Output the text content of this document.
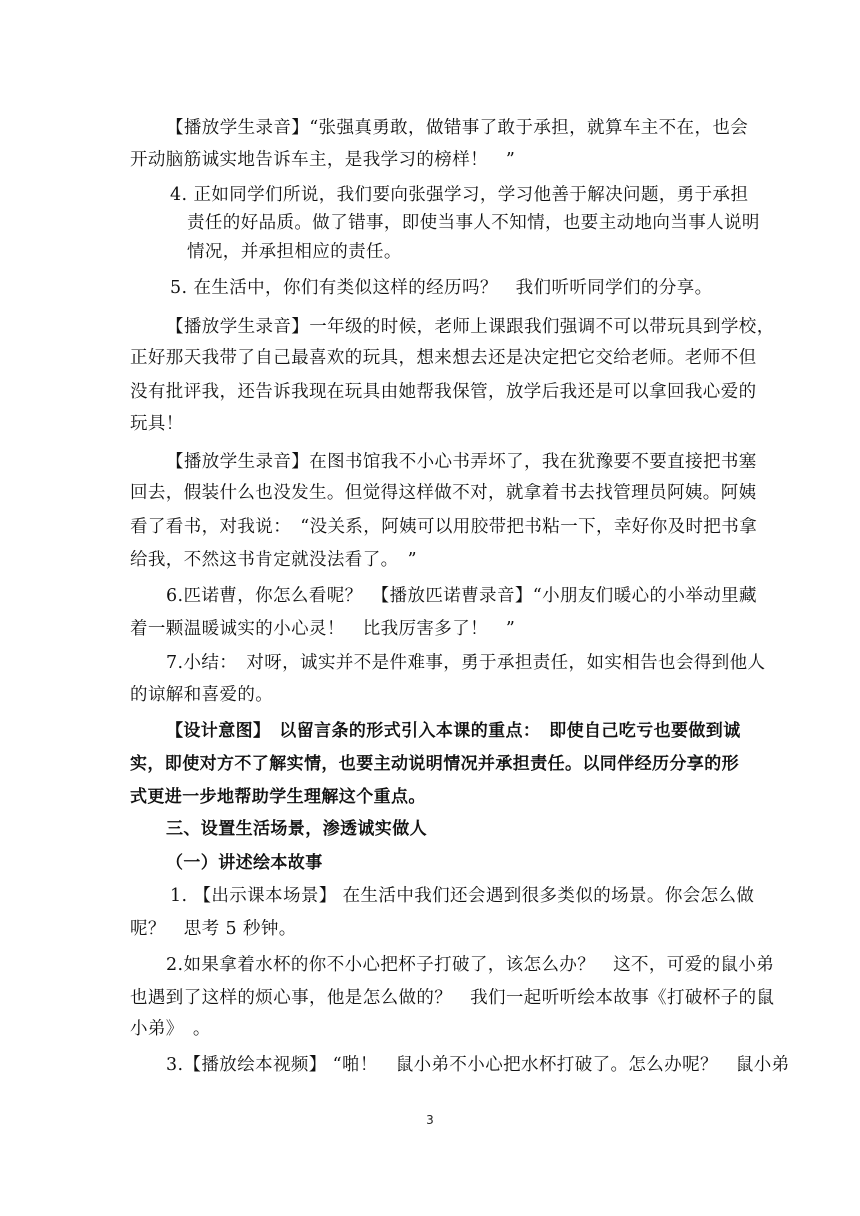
【播放学生录音】“张强真勇敢，做错事了敢于承担，就算车主不在，也会
开动脑筋诚实地告诉车主，是我学习的榜样！　”
4. 正如同学们所说，我们要向张强学习，学习他善于解决问题，勇于承担
责任的好品质。做了错事，即使当事人不知情，也要主动地向当事人说明
情况，并承担相应的责任。
5. 在生活中，你们有类似这样的经历吗？　我们听听同学们的分享。
【播放学生录音】一年级的时候，老师上课跟我们强调不可以带玩具到学校，
正好那天我带了自己最喜欢的玩具，想来想去还是决定把它交给老师。老师不但
没有批评我，还告诉我现在玩具由她帮我保管，放学后我还是可以拿回我心爱的
玩具！
【播放学生录音】在图书馆我不小心书弄坏了，我在犹豫要不要直接把书塞
回去，假装什么也没发生。但觉得这样做不对，就拿着书去找管理员阿姨。阿姨
看了看书，对我说：　“没关系，阿姨可以用胶带把书粘一下，幸好你及时把书拿
给我，不然这书肯定就没法看了。　”
6.匹诺曹，你怎么看呢？　【播放匹诺曹录音】“小朋友们暖心的小举动里藏
着一颗温暖诚实的小心灵！　比我厉害多了！　”
7.小结：　对呀，诚实并不是件难事，勇于承担责任，如实相告也会得到他人
的谅解和喜爱的。
【设计意图】　以留言条的形式引入本课的重点：　即使自己吃亏也要做到诚
实，即使对方不了解实情，也要主动说明情况并承担责任。以同伴经历分享的形
式更进一步地帮助学生理解这个重点。
三、设置生活场景，渗透诚实做人
（一）讲述绘本故事
1. 【出示课本场景】 在生活中我们还会遇到很多类似的场景。你会怎么做
呢？　思考 5 秒钟。
2.如果拿着水杯的你不小心把杯子打破了，该怎么办？　这不，可爱的鼠小弟
也遇到了这样的烦心事，他是怎么做的？　我们一起听听绘本故事《打破杯子的鼠
小弟》　。
3.【播放绘本视频】 “啪！　鼠小弟不小心把水杯打破了。怎么办呢？　鼠小弟
3
